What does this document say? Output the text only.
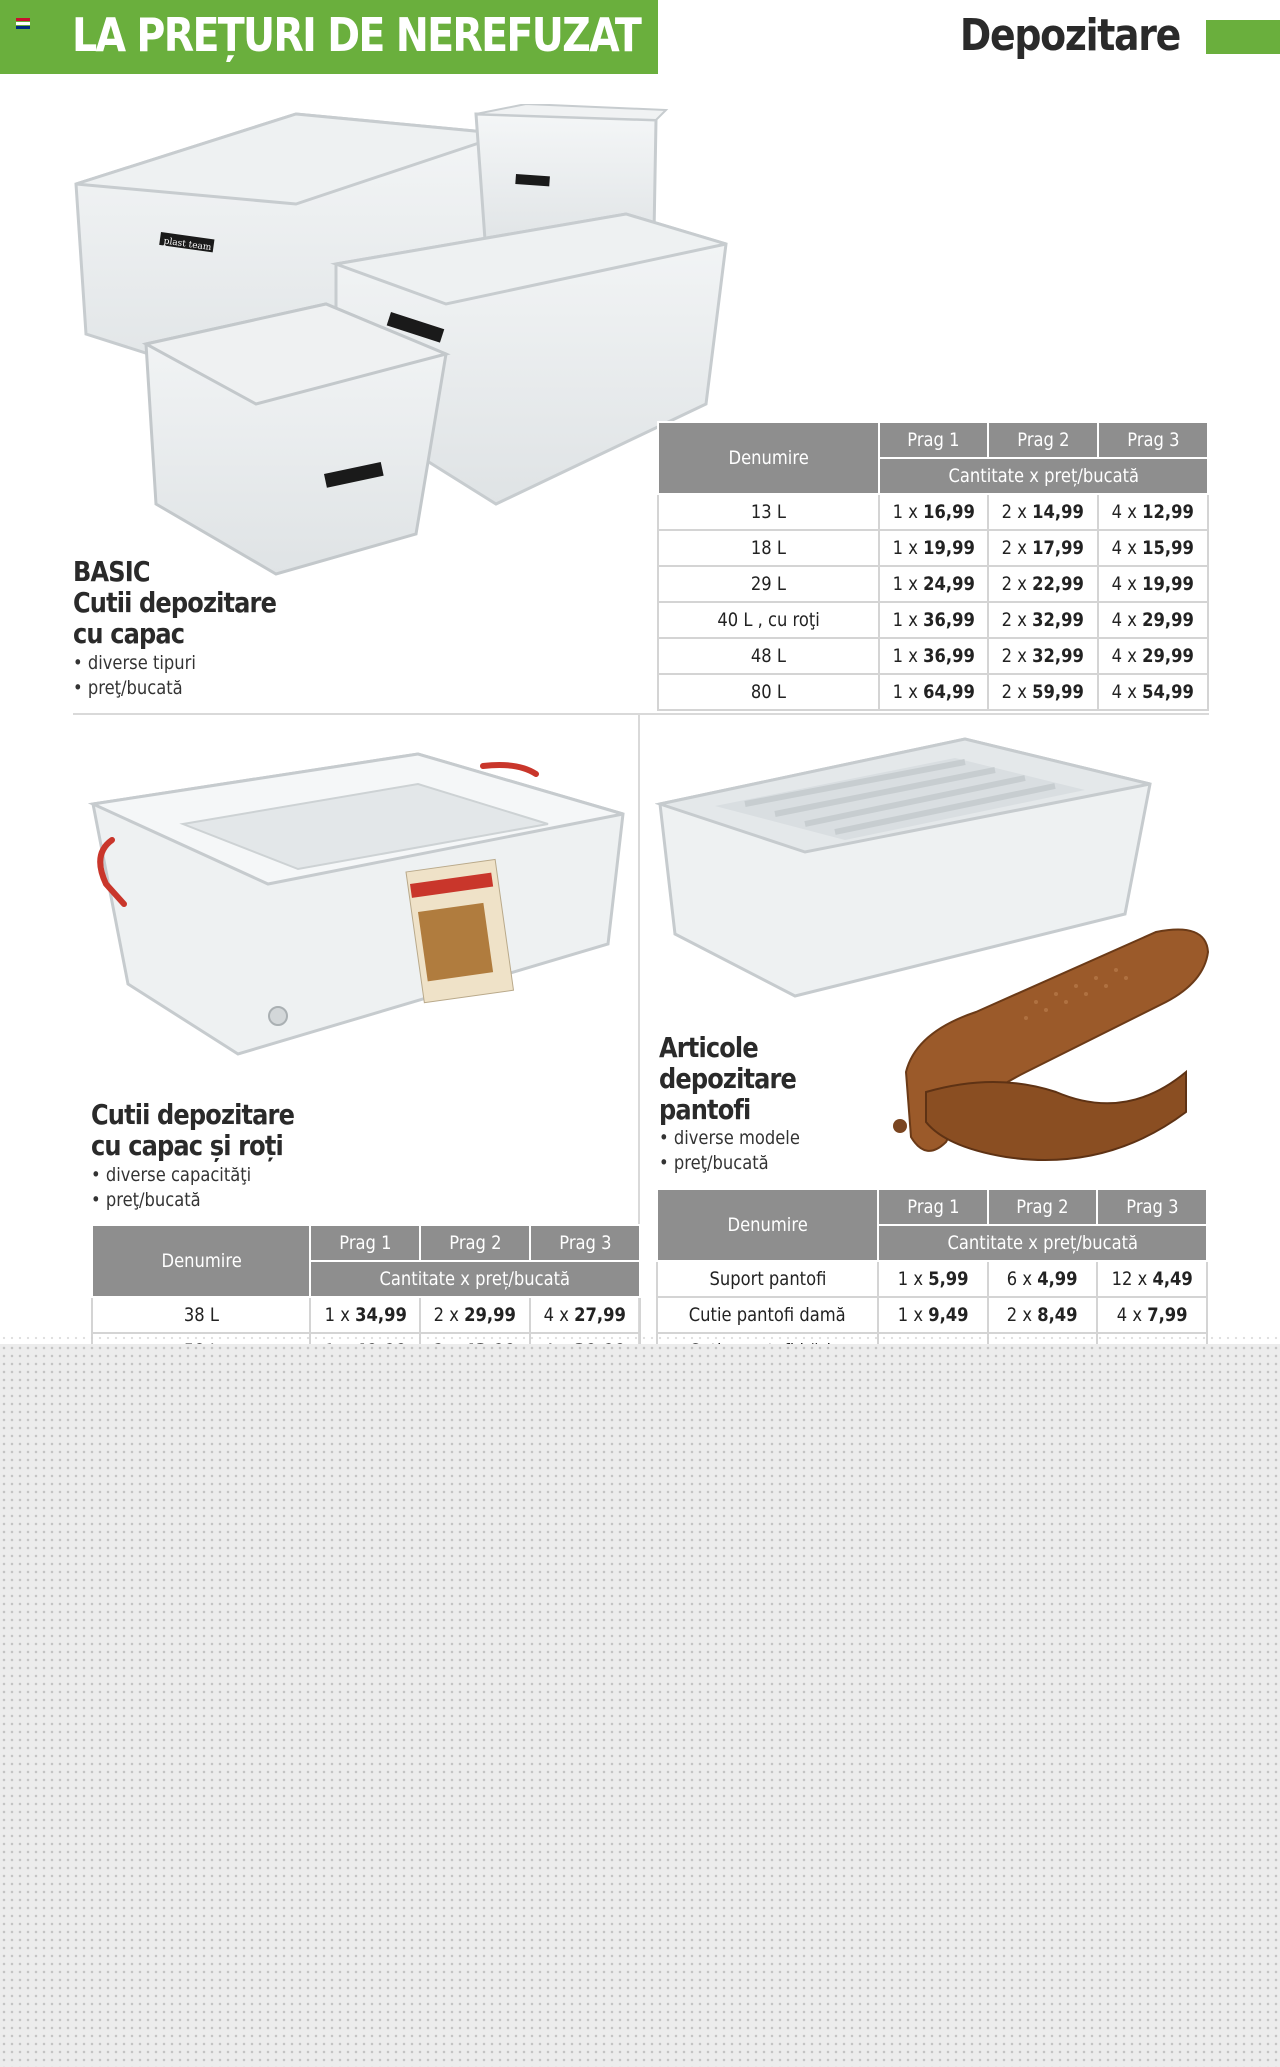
LA PREȚURI DE NEREFUZAT	Depozitare
plast team
BASIC
Cutii depozitare
cu capac
• diverse tipuri
• preţ/bucată
Denumire	Prag 1	Prag 2	Prag 3
	Cantitate x preț/bucată		
13 L	1 x 16,99	2 x 14,99	4 x 12,99
18 L	1 x 19,99	2 x 17,99	4 x 15,99
29 L	1 x 24,99	2 x 22,99	4 x 19,99
40 L , cu roţi	1 x 36,99	2 x 32,99	4 x 29,99
48 L	1 x 36,99	2 x 32,99	4 x 29,99
80 L	1 x 64,99	2 x 59,99	4 x 54,99
Cutii depozitare
cu capac și roți
• diverse capacităţi
• preţ/bucată
Denumire	Prag 1	Prag 2	Prag 3
	Cantitate x preț/bucată		
38 L	1 x 34,99	2 x 29,99	4 x 27,99

Articole
depozitare
pantofi
• diverse modele
• preţ/bucată
Denumire	Prag 1	Prag 2	Prag 3
	Cantitate x preț/bucată		
Suport pantofi	1 x 5,99	6 x 4,99	12 x 4,49
Cutie pantofi damă	1 x 9,49	2 x 8,49	4 x 7,99
